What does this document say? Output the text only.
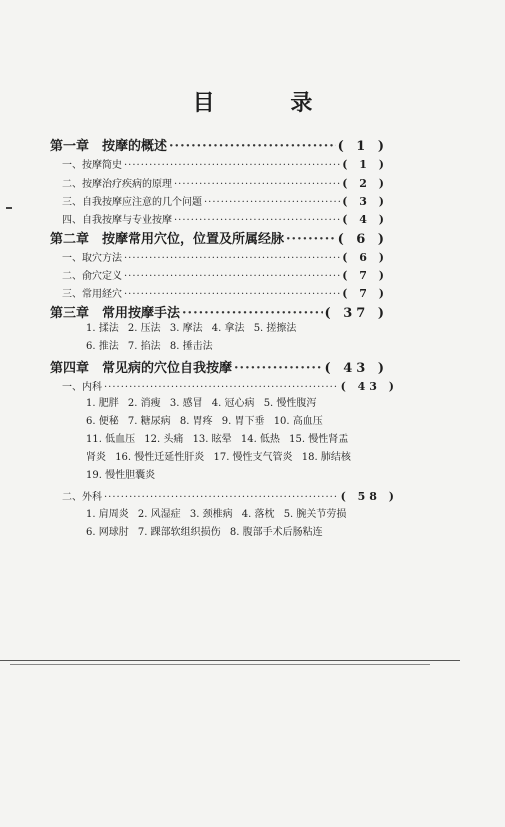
目 录
第一章　按摩的概述 ·····	( 1 )
一、按摩简史 ·····	( 1 )
二、按摩治疗疾病的原理 ·····	( 2 )
三、自我按摩应注意的几个问题 ·····	( 3 )
四、自我按摩与专业按摩 ·····	( 4 )
第二章　按摩常用穴位，位置及所属经脉 ·····	( 6 )
一、取穴方法 ·····	( 6 )
二、俞穴定义 ·····	( 7 )
三、常用経穴 ·····	( 7 )
第三章　常用按摩手法 ·····	( 37 )
1. 揉法 2. 压法 3. 摩法 4. 拿法 5. 搓擦法
6. 推法 7. 掐法 8. 捶击法
第四章　常见病的穴位自我按摩 ·····	( 43 )
一、内科 ·····	( 43 )
1. 肥胖 2. 消瘦 3. 感冒 4. 冠心病 5. 慢性腹泻
6. 便秘 7. 糖尿病 8. 胃疼 9. 胃下垂 10. 高血压
11. 低血压 12. 头痛 13. 眩晕 14. 低热 15. 慢性肾盂
肾炎 16. 慢性迁延性肝炎 17. 慢性支气管炎 18. 肺结核
19. 慢性胆囊炎
二、外科 ·····	( 58 )
1. 肩周炎 2. 风湿症 3. 颈椎病 4. 落枕 5. 腕关节劳损
6. 网球肘 7. 踝部软组织损伤 8. 腹部手术后肠粘连
